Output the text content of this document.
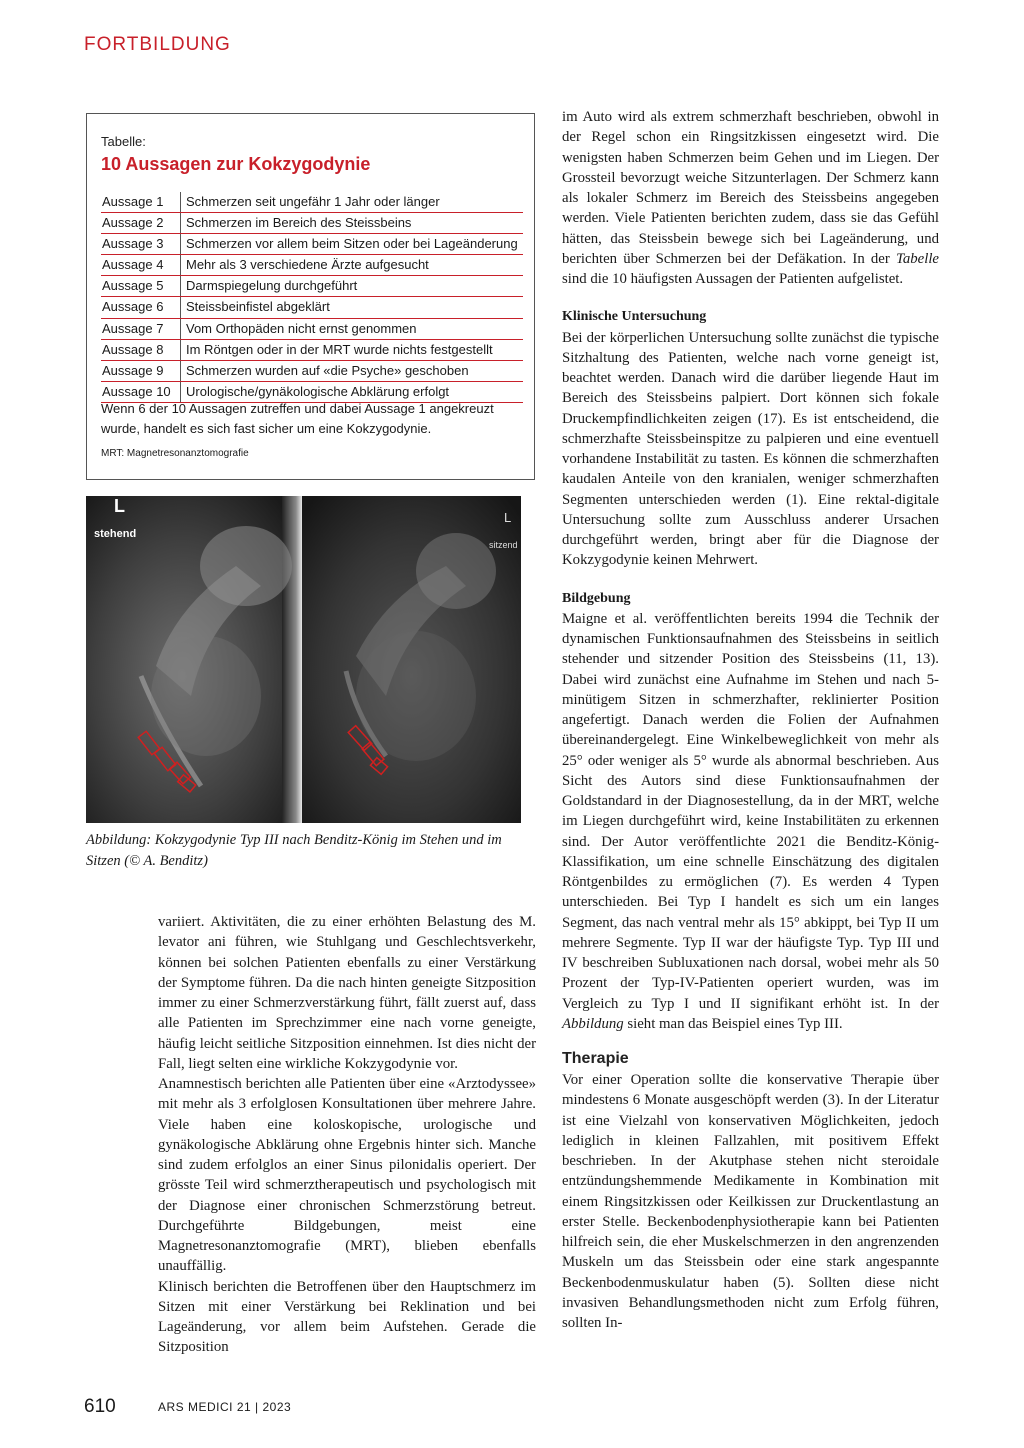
FORTBILDUNG
Tabelle:
10 Aussagen zur Kokzygodynie
Aussage 1	Schmerzen seit ungefähr 1 Jahr oder länger
Aussage 2	Schmerzen im Bereich des Steissbeins
Aussage 3	Schmerzen vor allem beim Sitzen oder bei Lageänderung
Aussage 4	Mehr als 3 verschiedene Ärzte aufgesucht
Aussage 5	Darmspiegelung durchgeführt
Aussage 6	Steissbeinfistel abgeklärt
Aussage 7	Vom Orthopäden nicht ernst genommen
Aussage 8	Im Röntgen oder in der MRT wurde nichts festgestellt
Aussage 9	Schmerzen wurden auf «die Psyche» geschoben
Aussage 10	Urologische/gynäkologische Abklärung erfolgt
Wenn 6 der 10 Aussagen zutreffen und dabei Aussage 1 angekreuzt wurde, handelt es sich fast sicher um eine Kokzygodynie.
MRT: Magnetresonanztomografie
L
stehend
L
sitzend
Abbildung: Kokzygodynie Typ III nach Benditz-König im Stehen und im Sitzen (© A. Benditz)

variiert. Aktivitäten, die zu einer erhöhten Belastung des M. levator ani führen, wie Stuhlgang und Geschlechtsverkehr, können bei solchen Patienten ebenfalls zu einer Verstärkung der Symptome führen. Da die nach hinten geneigte Sitzposition immer zu einer Schmerzverstärkung führt, fällt zuerst auf, dass alle Patienten im Sprechzimmer eine nach vorne geneigte, häufig leicht seitliche Sitzposition einnehmen. Ist dies nicht der Fall, liegt selten eine wirkliche Kokzygodynie vor.

Anamnestisch berichten alle Patienten über eine «Arztodyssee» mit mehr als 3 erfolglosen Konsultationen über mehrere Jahre. Viele haben eine koloskopische, urologische und gynäkologische Abklärung ohne Ergebnis hinter sich. Manche sind zudem erfolglos an einer Sinus pilonidalis operiert. Der grösste Teil wird schmerztherapeutisch und psychologisch mit der Diagnose einer chronischen Schmerzstörung betreut. Durchgeführte Bildgebungen, meist eine Magnetresonanztomografie (MRT), blieben ebenfalls unauffällig.

Klinisch berichten die Betroffenen über den Hauptschmerz im Sitzen mit einer Verstärkung bei Reklination und bei Lageänderung, vor allem beim Aufstehen. Gerade die Sitzposition

im Auto wird als extrem schmerzhaft beschrieben, obwohl in der Regel schon ein Ringsitzkissen eingesetzt wird. Die wenigsten haben Schmerzen beim Gehen und im Liegen. Der Grossteil bevorzugt weiche Sitzunterlagen. Der Schmerz kann als lokaler Schmerz im Bereich des Steissbeins angegeben werden. Viele Patienten berichten zudem, dass sie das Gefühl hätten, das Steissbein bewege sich bei Lageänderung, und berichten über Schmerzen bei der Defäkation. In der Tabelle sind die 10 häufigsten Aussagen der Patienten aufgelistet.

Klinische Untersuchung

Bei der körperlichen Untersuchung sollte zunächst die typische Sitzhaltung des Patienten, welche nach vorne geneigt ist, beachtet werden. Danach wird die darüber liegende Haut im Bereich des Steissbeins palpiert. Dort können sich fokale Druckempfindlichkeiten zeigen (17). Es ist entscheidend, die schmerzhafte Steissbeinspitze zu palpieren und eine eventuell vorhandene Instabilität zu tasten. Es können die schmerzhaften kaudalen Anteile von den kranialen, weniger schmerzhaften Segmenten unterschieden werden (1). Eine rektal-digitale Untersuchung sollte zum Ausschluss anderer Ursachen durchgeführt werden, bringt aber für die Diagnose der Kokzygodynie keinen Mehrwert.

Bildgebung

Maigne et al. veröffentlichten bereits 1994 die Technik der dynamischen Funktionsaufnahmen des Steissbeins in seitlich stehender und sitzender Position des Steissbeins (11, 13). Dabei wird zunächst eine Aufnahme im Stehen und nach 5-minütigem Sitzen in schmerzhafter, reklinierter Position angefertigt. Danach werden die Folien der Aufnahmen übereinandergelegt. Eine Winkelbeweglichkeit von mehr als 25° oder weniger als 5° wurde als abnormal beschrieben. Aus Sicht des Autors sind diese Funktionsaufnahmen der Goldstandard in der Diagnosestellung, da in der MRT, welche im Liegen durchgeführt wird, keine Instabilitäten zu erkennen sind. Der Autor veröffentlichte 2021 die Benditz-König-Klassifikation, um eine schnelle Einschätzung des digitalen Röntgenbildes zu ermöglichen (7). Es werden 4 Typen unterschieden. Bei Typ I handelt es sich um ein langes Segment, das nach ventral mehr als 15° abkippt, bei Typ II um mehrere Segmente. Typ II war der häufigste Typ. Typ III und IV beschreiben Subluxationen nach dorsal, wobei mehr als 50 Prozent der Typ-IV-Patienten operiert wurden, was im Vergleich zu Typ I und II signifikant erhöht ist. In der Abbildung sieht man das Beispiel eines Typ III.

Therapie

Vor einer Operation sollte die konservative Therapie über mindestens 6 Monate ausgeschöpft werden (3). In der Literatur ist eine Vielzahl von konservativen Möglichkeiten, jedoch lediglich in kleinen Fallzahlen, mit positivem Effekt beschrieben. In der Akutphase stehen nicht steroidale entzündungshemmende Medikamente in Kombination mit einem Ringsitzkissen oder Keilkissen zur Druckentlastung an erster Stelle. Beckenbodenphysiotherapie kann bei Patienten hilfreich sein, die eher Muskelschmerzen in den angrenzenden Muskeln um das Steissbein oder eine stark angespannte Beckenbodenmuskulatur haben (5). Sollten diese nicht invasiven Behandlungsmethoden nicht zum Erfolg führen, sollten In-

610	ARS MEDICI 21 | 2023
